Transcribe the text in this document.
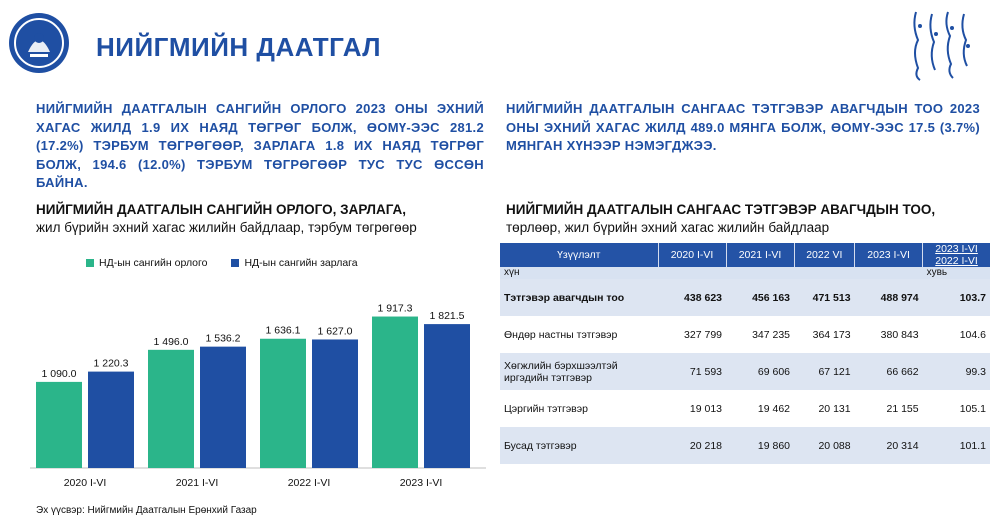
НИЙГМИЙН ДААТГАЛ
НИЙГМИЙН ДААТГАЛЫН САНГИЙН ОРЛОГО 2023 ОНЫ ЭХНИЙ ХАГАС ЖИЛД 1.9 ИХ НАЯД ТӨГРӨГ БОЛЖ, ӨОМҮ-ЭЭС 281.2 (17.2%) ТЭРБУМ ТӨГРӨГӨӨР, ЗАРЛАГА 1.8 ИХ НАЯД ТӨГРӨГ БОЛЖ, 194.6 (12.0%) ТЭРБУМ ТӨГРӨГӨӨР ТУС ТУС ӨССӨН БАЙНА.
НИЙГМИЙН ДААТГАЛЫН САНГААС ТЭТГЭВЭР АВАГЧДЫН ТОО 2023 ОНЫ ЭХНИЙ ХАГАС ЖИЛД 489.0 МЯНГА БОЛЖ, ӨОМҮ-ЭЭС 17.5 (3.7%) МЯНГАН ХҮНЭЭР НЭМЭГДЖЭЭ.
НИЙГМИЙН ДААТГАЛЫН САНГИЙН ОРЛОГО, ЗАРЛАГА,
жил бүрийн эхний хагас жилийн байдлаар, тэрбум төгрөгөөр
НД-ын сангийн орлого	НД-ын сангийн зарлага
1 090.0
1 220.3
2020 I-VI
1 496.0 1 536.2
2021 I-VI
1 636.1 1 627.0
2022 I-VI
1 917.3
1 821.5
2023 I-VI
Эх үүсвэр: Нийгмийн Даатгалын Ерөнхий Газар
НИЙГМИЙН ДААТГАЛЫН САНГААС ТЭТГЭВЭР АВАГЧДЫН ТОО, төрлөөр, жил бүрийн эхний хагас жилийн байдлаар
Үзүүлэлт	2020 I-VI	2021 I-VI	2022 VI	2023 I-VI	2023 I-VI
2022 I-VI
хүн					хувь
Тэтгэвэр авагчдын тоо	438 623	456 163	471 513	488 974	103.7
Өндөр настны тэтгэвэр	327 799	347 235	364 173	380 843	104.6
Хөгжлийн бэрхшээлтэй иргэдийн тэтгэвэр	71 593	69 606	67 121	66 662	99.3
Цэргийн тэтгэвэр	19 013	19 462	20 131	21 155	105.1
Бусад тэтгэвэр	20 218	19 860	20 088	20 314	101.1
